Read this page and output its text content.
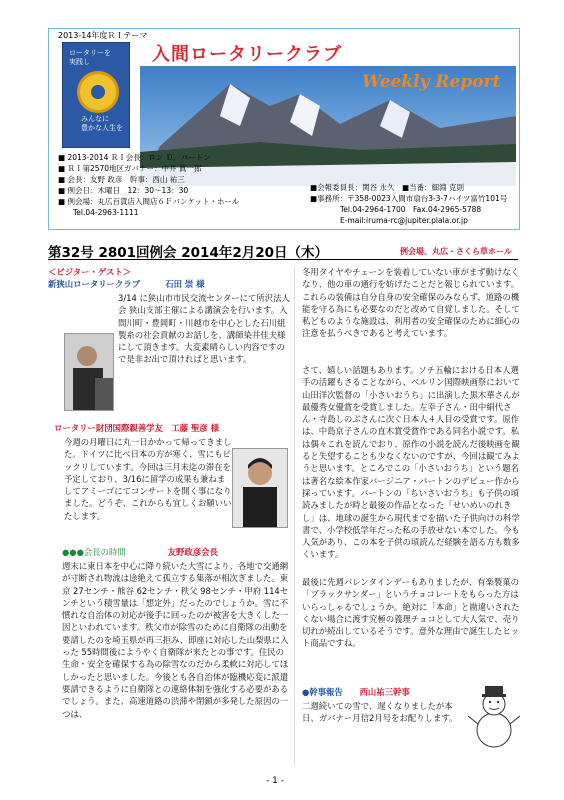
2013-14年度ＲＩテーマ
ロータリーを
実践し
みんなに
豊かな人生を
入間ロータリークラブ
Weekly Report
■ 2013-2014 ＲＩ会長：ロン Ｄ．バートン
■ ＲＩ第2570地区ガバナー：中井 眞一郎
■ 会長：友野 政彦　幹事：西山 祐三
■ 例会日：木曜日　12：30～13：30
■ 例会場：丸広百貨店入間店６Ｆバンケット・ホール
　　Tel.04-2963-1111
■会報委員長：関谷 永久　■当番：細淵 克則
■事務所：〒358-0023入間市扇台3-3-7ハイツ富竹101号
　　　　Tel.04-2964-1700　Fax.04-2965-5788
　　　　E-mail:iruma-rc@jupiter.plala.or.jp
第32号 2801回例会 2014年2月20日（木）	例会場、丸広・さくら草ホール
＜ビジター・ゲスト＞
新狭山ロータリークラブ　　　	石田 崇 様
3/14 に狭山市市民交流センターにて所沢法人会 狭山支部主催による講演会を行います。入間川町・豊岡町・川越市を中心とした石川組製糸の社会貢献のお話しを、講師染井佳夫様にして頂きます。大変素晴らしい内容ですので是非お出で頂ければと思います。
ロータリー財団国際親善学友　 工藤 聖彦 様
今週の月曜日に丸一日かかって帰ってきました。ドイツに比べ日本の方が寒く、雪にもビックリしています。今回は三月末迄の滞在を予定しており、3/16に留学の成果も兼ねましてアミーゴにてコンサートを開く事になりました。どうぞ、これからも宜しくお願いいたします。
●●●会長の時間　　　　　	友野政彦会長
週末に東日本を中心に降り続いた大雪により、各地で交通網が寸断され物流は途絶えて孤立する集落が相次ぎました。東京 27センチ・熊谷 62センチ・秩父 98センチ・甲府 114センチという積雪量は「想定外」だったのでしょうか。雪に不慣れな自治体の対応が後手に回ったのが被害を大きくした一因といわれています。秩父市が除雪のために自衛隊の出動を要請したのを埼玉県が再三拒み、即座に対応した山梨県に入った 55時間後にようやく自衛隊が来たとの事です。住民の生命・安全を確保する為の除雪なのだから柔軟に対応してほしかったと思いました。今後とも各自治体が臨機応変に派遣要請できるように自衛隊との連絡体制を強化する必要があるでしょう。また、高速道路の渋滞や閉鎖が多発した原因の一つは、
冬用タイヤやチェーンを装着していない車がまず動けなくなり、他の車の通行を妨げたことだと報じられています。これらの装備は自分自身の安全確保のみならず、道路の機能を守る為にも必要なのだと改めて自覚しました。そして私どものような施設は、利用者の安全確保のために細心の注意を払うべきであると考えています。
さて、嬉しい話題もあります。ソチ五輪における日本人選手の活躍もさることながら、ベルリン国際映画祭において山田洋次監督の「小さいおうち」に出演した黒木華さんが最優秀女優賞を受賞しました。左幸子さん・田中絹代さん・寺島しのぶさんに次ぐ日本人４人目の受賞です。原作は、中島京子さんの直木賞受賞作である同名小説です。私は偶々これを読んでおり、原作の小説を読んだ後映画を観ると失望することも少なくないのですが、今回は観てみようと思います。ところでこの「小さいおうち」という題名は著名な絵本作家バージニア・バートンのデビュー作から採っています。バートンの「ちいさいおうち」も子供の頃読みましたが時と最後の作品となった「せいめいのれきし」は、地球の誕生から現代までを描いた子供向けの科学書で、小学校低学年だった私の手放せない本でした。今も人気があり、この本を子供の頃読んだ経験を語る方も数多くいます。
最後に先週バレンタインデーもありましたが、有楽製菓の「ブラックサンダー」というチョコレートをもらった方はいらっしゃるでしょうか。絶対に「本命」と勘違いされたくない場合に渡す究極の義理チョコとして大人気で、売り切れが続出しているそうです。意外な理由で誕生したヒット商品ですね。
●幹事報告　　 西山祐三幹事
二週続いての雪で、遅くなりましたが本日、ガバナー月信2月号をお配りします。
- 1 -
